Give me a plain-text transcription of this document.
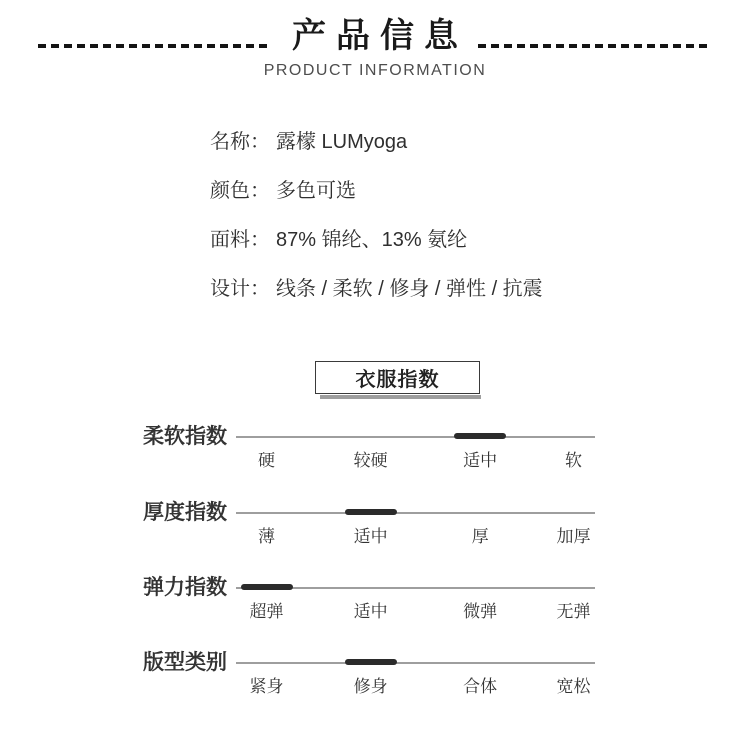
产品信息
PRODUCT INFORMATION
名称： 露檬 LUMyoga
颜色： 多色可选
面料： 87% 锦纶、13% 氨纶
设计： 线条 / 柔软 / 修身 / 弹性 / 抗震
衣服指数
柔软指数
硬	较硬	适中	软
厚度指数
薄	适中	厚	加厚
弹力指数
超弹	适中	微弹	无弹
版型类别
紧身	修身	合体	宽松
